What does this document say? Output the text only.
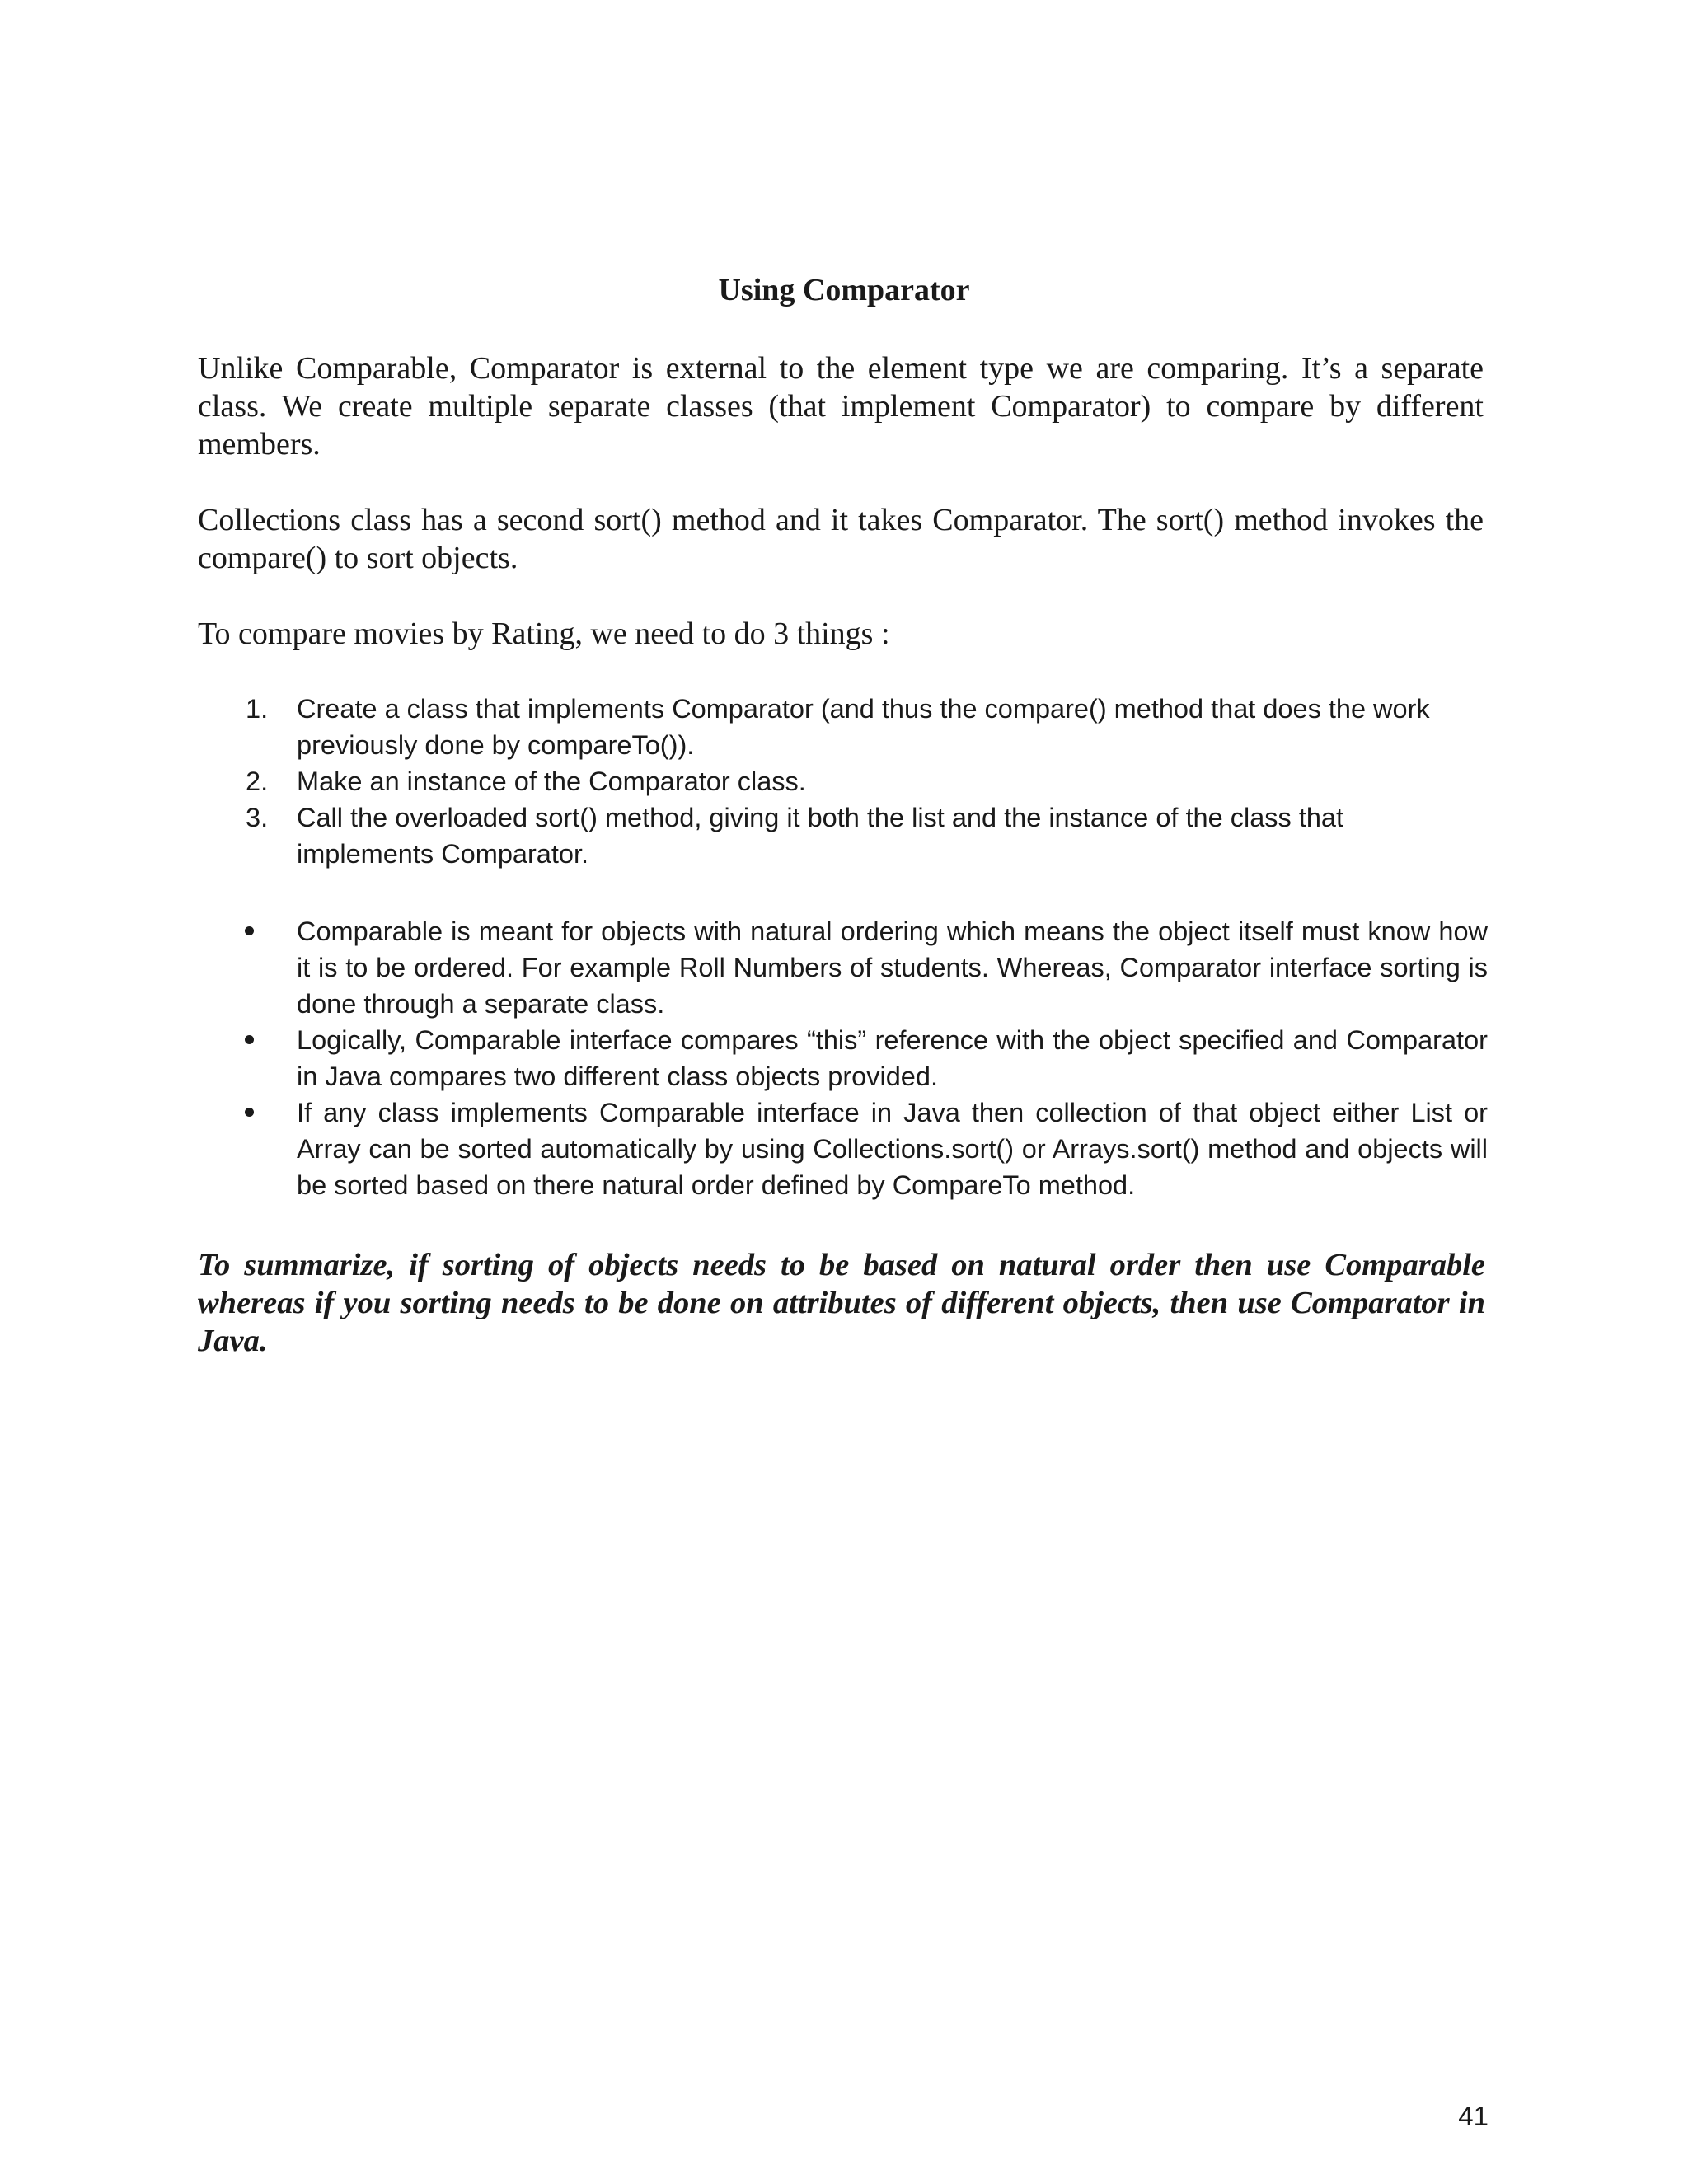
Using Comparator

Unlike Comparable, Comparator is external to the element type we are comparing. It’s a separate class. We create multiple separate classes (that implement Comparator) to compare by different members.

Collections class has a second sort() method and it takes Comparator. The sort() method invokes the compare() to sort objects.

To compare movies by Rating, we need to do 3 things :

1. Create a class that implements Comparator (and thus the compare() method that does the work previously done by compareTo()).
2. Make an instance of the Comparator class.
3. Call the overloaded sort() method, giving it both the list and the instance of the class that implements Comparator.
Comparable is meant for objects with natural ordering which means the object itself must know how it is to be ordered. For example Roll Numbers of students. Whereas, Comparator interface sorting is done through a separate class.
Logically, Comparable interface compares “this” reference with the object specified and Comparator in Java compares two different class objects provided.
If any class implements Comparable interface in Java then collection of that object either List or Array can be sorted automatically by using Collections.sort() or Arrays.sort() method and objects will be sorted based on there natural order defined by CompareTo method.

To summarize, if sorting of objects needs to be based on natural order then use Comparable whereas if you sorting needs to be done on attributes of different objects, then use Comparator in Java.

41
